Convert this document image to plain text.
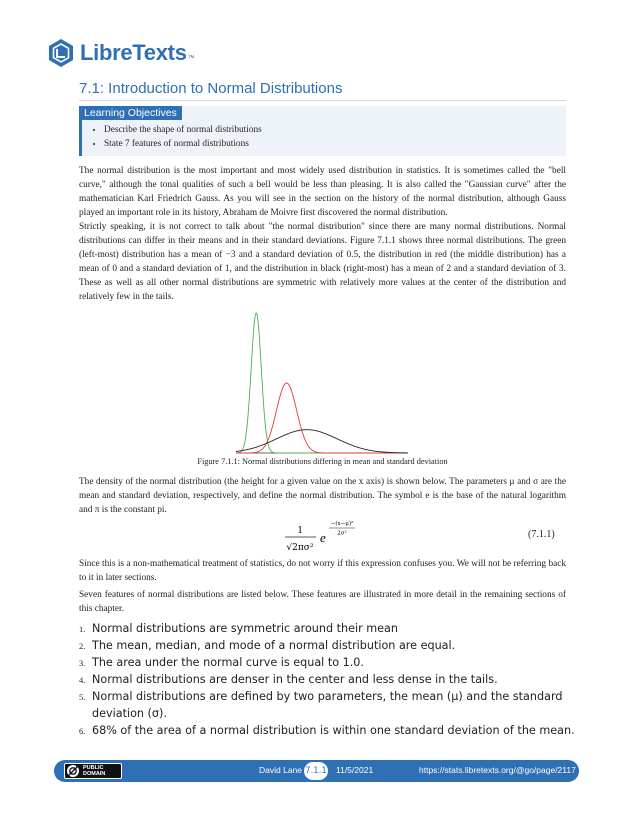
LibreTexts ™
7.1: Introduction to Normal Distributions
Learning Objectives
• Describe the shape of normal distributions
• State 7 features of normal distributions

The normal distribution is the most important and most widely used distribution in statistics. It is sometimes called the "bell curve," although the tonal qualities of such a bell would be less than pleasing. It is also called the "Gaussian curve" after the mathematician Karl Friedrich Gauss. As you will see in the section on the history of the normal distribution, although Gauss played an important role in its history, Abraham de Moivre first discovered the normal distribution.

Strictly speaking, it is not correct to talk about "the normal distribution" since there are many normal distributions. Normal distributions can differ in their means and in their standard deviations. Figure 7.1.1 shows three normal distributions. The green (left-most) distribution has a mean of −3 and a standard deviation of 0.5, the distribution in red (the middle distribution) has a mean of 0 and a standard deviation of 1, and the distribution in black (right-most) has a mean of 2 and a standard deviation of 3. These as well as all other normal distributions are symmetric with relatively more values at the center of the distribution and relatively few in the tails.

Figure 7.1.1: Normal distributions differing in mean and standard deviation

The density of the normal distribution (the height for a given value on the x axis) is shown below. The parameters μ and σ are the mean and standard deviation, respectively, and define the normal distribution. The symbol e is the base of the natural logarithm and π is the constant pi.

1
√2πσ²
e
−(x−μ)²
2σ²	(7.1.1)

Since this is a non-mathematical treatment of statistics, do not worry if this expression confuses you. We will not be referring back to it in later sections.

Seven features of normal distributions are listed below. These features are illustrated in more detail in the remaining sections of this chapter.

1. Normal distributions are symmetric around their mean
2. The mean, median, and mode of a normal distribution are equal.
3. The area under the normal curve is equal to 1.0.
4. Normal distributions are denser in the center and less dense in the tails.
5. Normal distributions are defined by two parameters, the mean (μ) and the standard deviation (σ).
6. 68% of the area of a normal distribution is within one standard deviation of the mean.
PUBLIC
DOMAIN	David Lane 7.1.1 11/5/2021	https://stats.libretexts.org/@go/page/2117
